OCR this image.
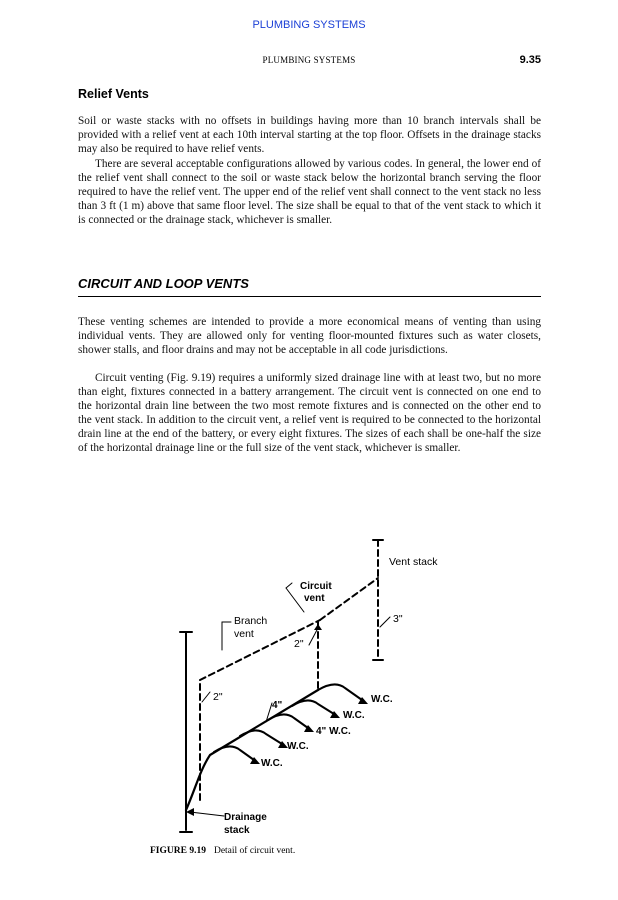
PLUMBING SYSTEMS
PLUMBING SYSTEMS	9.35
Relief Vents

Soil or waste stacks with no offsets in buildings having more than 10 branch intervals shall be provided with a relief vent at each 10th interval starting at the top floor. Offsets in the drainage stacks may also be required to have relief vents.

There are several acceptable configurations allowed by various codes. In general, the lower end of the relief vent shall connect to the soil or waste stack below the horizontal branch serving the floor required to have the relief vent. The upper end of the relief vent shall connect to the vent stack no less than 3 ft (1 m) above that same floor level. The size shall be equal to that of the vent stack to which it is connected or the drainage stack, whichever is smaller.

CIRCUIT AND LOOP VENTS

These venting schemes are intended to provide a more economical means of venting than using individual vents. They are allowed only for venting floor-mounted fixtures such as water closets, shower stalls, and floor drains and may not be acceptable in all code jurisdictions.

Circuit venting (Fig. 9.19) requires a uniformly sized drainage line with at least two, but no more than eight, fixtures connected in a battery arrangement. The circuit vent is connected on one end to the horizontal drain line between the two most remote fixtures and is connected on the other end to the vent stack. In addition to the circuit vent, a relief vent is required to be connected to the horizontal drain line at the end of the battery, or every eight fixtures. The sizes of each shall be one-half the size of the horizontal drainage line or the full size of the vent stack, whichever is smaller.

Vent stack
Circuit
vent
3"
Branch
vent
2"
2"
4"
W.C.
W.C.
4" W.C.
W.C.
W.C.
Drainage
stack
FIGURE 9.19 Detail of circuit vent.
